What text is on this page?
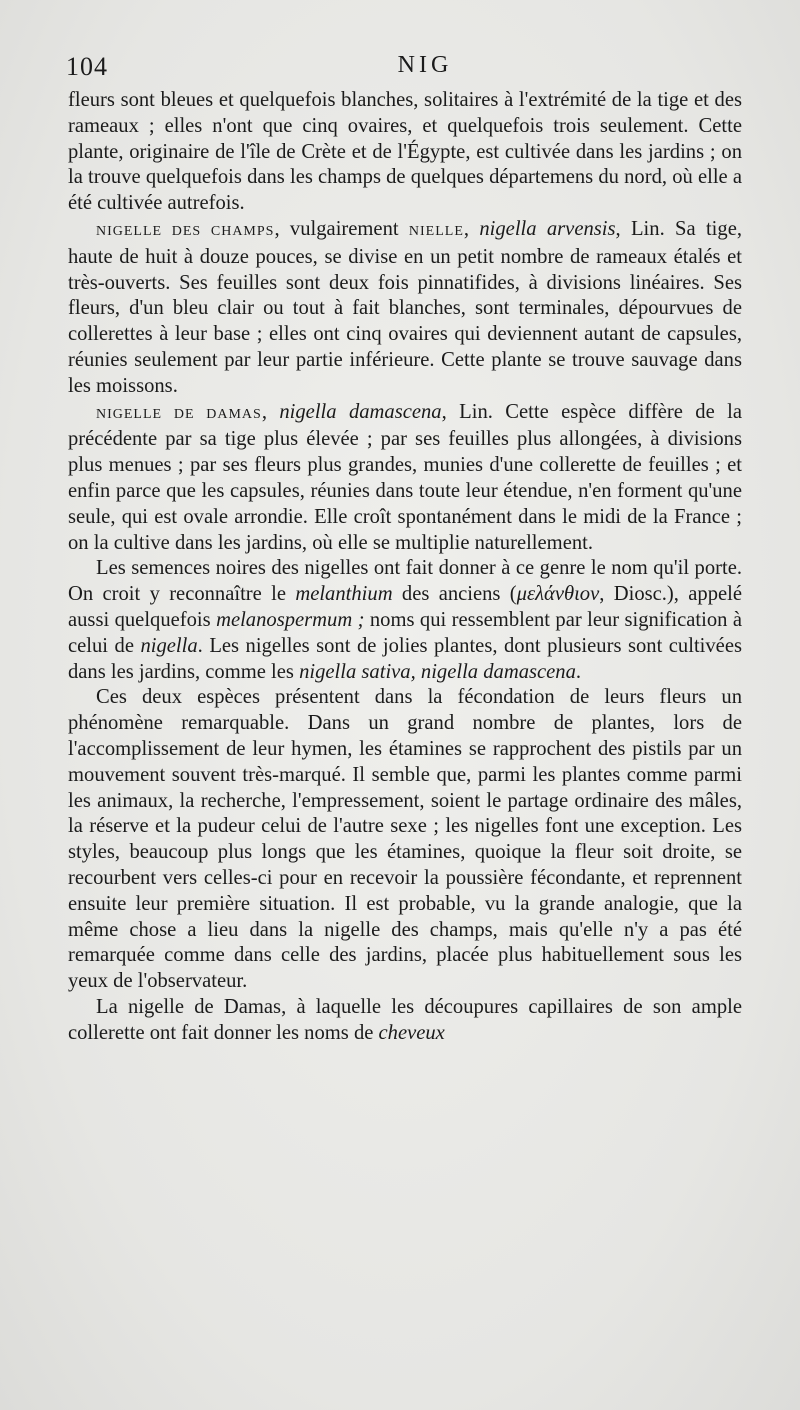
104	NIG

fleurs sont bleues et quelquefois blanches, solitaires à l'extrémité de la tige et des rameaux ; elles n'ont que cinq ovaires, et quelquefois trois seulement. Cette plante, originaire de l'île de Crète et de l'Égypte, est cultivée dans les jardins ; on la trouve quelquefois dans les champs de quelques départemens du nord, où elle a été cultivée autrefois.

NIGELLE DES CHAMPS, vulgairement NIELLE, nigella arvensis, Lin. Sa tige, haute de huit à douze pouces, se divise en un petit nombre de rameaux étalés et très-ouverts. Ses feuilles sont deux fois pinnatifides, à divisions linéaires. Ses fleurs, d'un bleu clair ou tout à fait blanches, sont terminales, dépourvues de collerettes à leur base ; elles ont cinq ovaires qui deviennent autant de capsules, réunies seulement par leur partie inférieure. Cette plante se trouve sauvage dans les moissons.

NIGELLE DE DAMAS, nigella damascena, Lin. Cette espèce diffère de la précédente par sa tige plus élevée ; par ses feuilles plus allongées, à divisions plus menues ; par ses fleurs plus grandes, munies d'une collerette de feuilles ; et enfin parce que les capsules, réunies dans toute leur étendue, n'en forment qu'une seule, qui est ovale arrondie. Elle croît spontanément dans le midi de la France ; on la cultive dans les jardins, où elle se multiplie naturellement.

Les semences noires des nigelles ont fait donner à ce genre le nom qu'il porte. On croit y reconnaître le melanthium des anciens (μελάνθιον, Diosc.), appelé aussi quelquefois melanospermum ; noms qui ressemblent par leur signification à celui de nigella. Les nigelles sont de jolies plantes, dont plusieurs sont cultivées dans les jardins, comme les nigella sativa, nigella damascena.

Ces deux espèces présentent dans la fécondation de leurs fleurs un phénomène remarquable. Dans un grand nombre de plantes, lors de l'accomplissement de leur hymen, les étamines se rapprochent des pistils par un mouvement souvent très-marqué. Il semble que, parmi les plantes comme parmi les animaux, la recherche, l'empressement, soient le partage ordinaire des mâles, la réserve et la pudeur celui de l'autre sexe ; les nigelles font une exception. Les styles, beaucoup plus longs que les étamines, quoique la fleur soit droite, se recourbent vers celles-ci pour en recevoir la poussière fécondante, et reprennent ensuite leur première situation. Il est probable, vu la grande analogie, que la même chose a lieu dans la nigelle des champs, mais qu'elle n'y a pas été remarquée comme dans celle des jardins, placée plus habituellement sous les yeux de l'observateur.

La nigelle de Damas, à laquelle les découpures capillaires de son ample collerette ont fait donner les noms de cheveux
